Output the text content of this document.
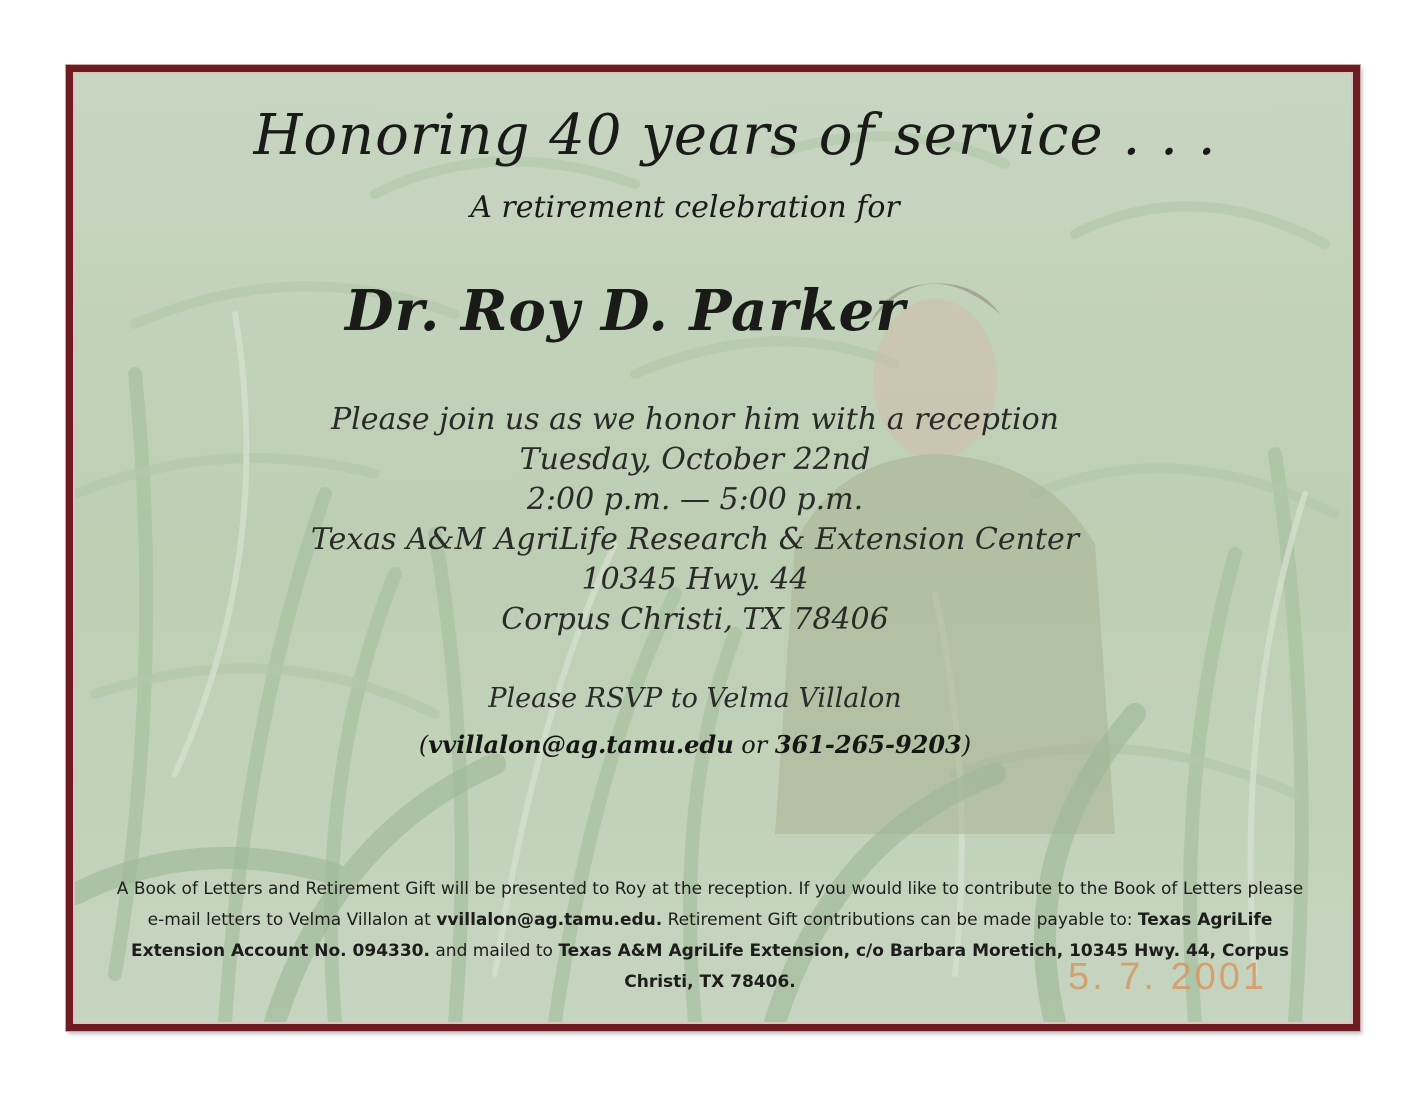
Honoring 40 years of service . . .
A retirement celebration for
Dr. Roy D. Parker
Please join us as we honor him with a reception
Tuesday, October 22nd
2:00 p.m. — 5:00 p.m.
Texas A&M AgriLife Research & Extension Center
10345 Hwy. 44
Corpus Christi, TX 78406
Please RSVP to Velma Villalon
(vvillalon@ag.tamu.edu or 361-265-9203)
A Book of Letters and Retirement Gift will be presented to Roy at the reception. If you would like to contribute to the Book of Letters please e-mail letters to Velma Villalon at vvillalon@ag.tamu.edu. Retirement Gift contributions can be made payable to: Texas AgriLife Extension Account No. 094330. and mailed to Texas A&M AgriLife Extension, c/o Barbara Moretich, 10345 Hwy. 44, Corpus Christi, TX 78406.	5. 7. 2001
